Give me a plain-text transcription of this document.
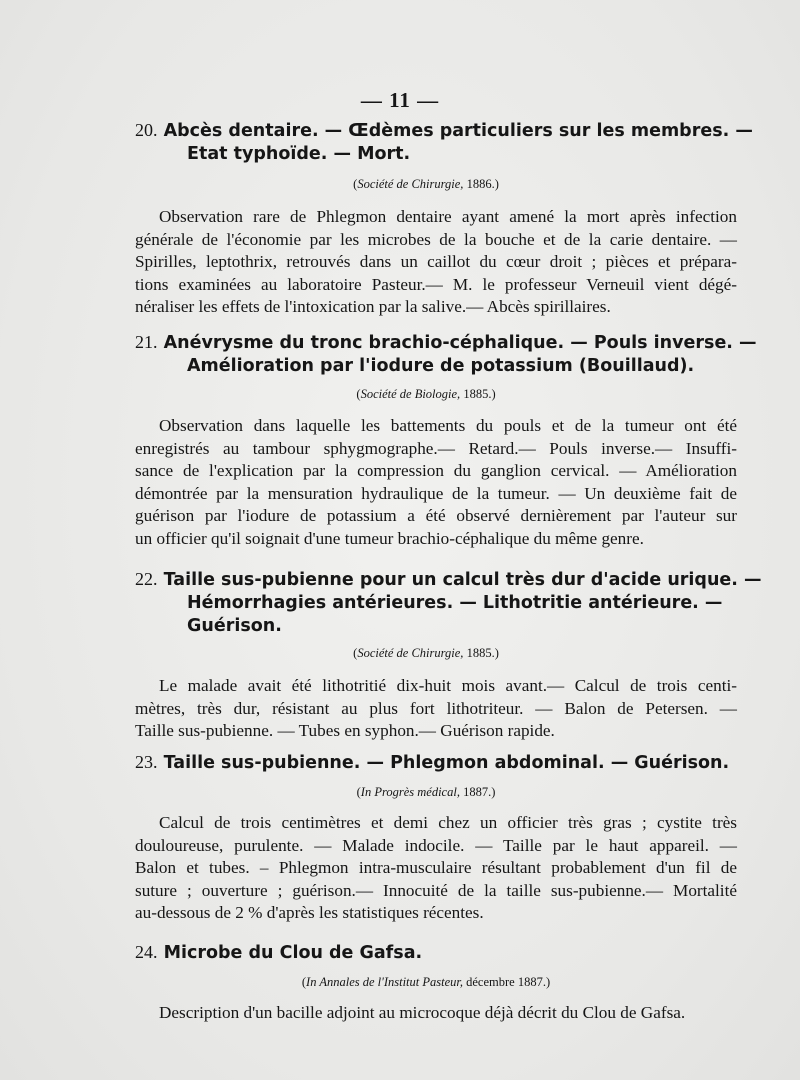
— 11 —
20. Abcès dentaire. — Œdèmes particuliers sur les membres. —
Etat typhoïde. — Mort.
(Société de Chirurgie, 1886.)
Observation rare de Phlegmon dentaire ayant amené la mort après infection
générale de l'économie par les microbes de la bouche et de la carie dentaire. —
Spirilles, leptothrix, retrouvés dans un caillot du cœur droit ; pièces et prépara-
tions examinées au laboratoire Pasteur.— M. le professeur Verneuil vient dégé-
néraliser les effets de l'intoxication par la salive.— Abcès spirillaires.
21. Anévrysme du tronc brachio-céphalique. — Pouls inverse. —
Amélioration par l'iodure de potassium (Bouillaud).
(Société de Biologie, 1885.)
Observation dans laquelle les battements du pouls et de la tumeur ont été
enregistrés au tambour sphygmographe.— Retard.— Pouls inverse.— Insuffi-
sance de l'explication par la compression du ganglion cervical. — Amélioration
démontrée par la mensuration hydraulique de la tumeur. — Un deuxième fait de
guérison par l'iodure de potassium a été observé dernièrement par l'auteur sur
un officier qu'il soignait d'une tumeur brachio-céphalique du même genre.
22. Taille sus-pubienne pour un calcul très dur d'acide urique. —
Hémorrhagies antérieures. — Lithotritie antérieure. —
Guérison.
(Société de Chirurgie, 1885.)
Le malade avait été lithotritié dix-huit mois avant.— Calcul de trois centi-
mètres, très dur, résistant au plus fort lithotriteur. — Balon de Petersen. —
Taille sus-pubienne. — Tubes en syphon.— Guérison rapide.
23. Taille sus-pubienne. — Phlegmon abdominal. — Guérison.
(In Progrès médical, 1887.)
Calcul de trois centimètres et demi chez un officier très gras ; cystite très
douloureuse, purulente. — Malade indocile. — Taille par le haut appareil. —
Balon et tubes. – Phlegmon intra-musculaire résultant probablement d'un fil de
suture ; ouverture ; guérison.— Innocuité de la taille sus-pubienne.— Mortalité
au-dessous de 2 % d'après les statistiques récentes.
24. Microbe du Clou de Gafsa.
(In Annales de l'Institut Pasteur, décembre 1887.)
Description d'un bacille adjoint au microcoque déjà décrit du Clou de Gafsa.
